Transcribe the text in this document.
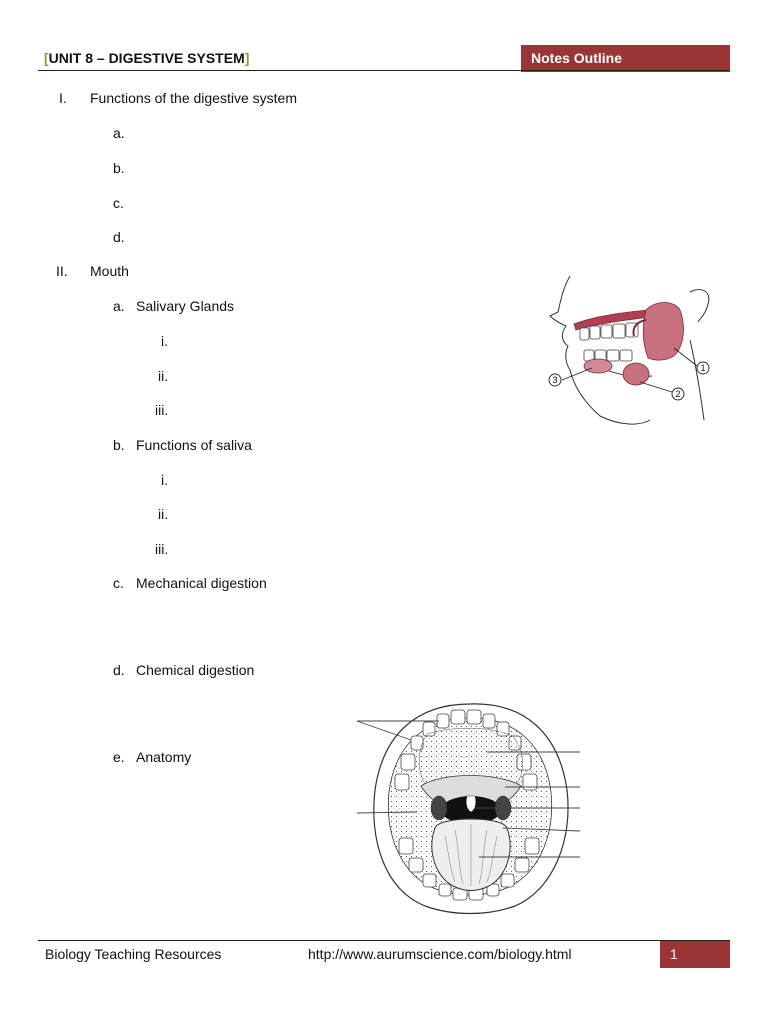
[UNIT 8 – DIGESTIVE SYSTEM]	Notes Outline
I. Functions of the digestive system
a.
b.
c.
d.
II. Mouth
a. Salivary Glands
i.
ii.
iii.
b. Functions of saliva
i.
ii.
iii.
c. Mechanical digestion
d. Chemical digestion
e. Anatomy
1
2
3
Biology Teaching Resources	http://www.aurumscience.com/biology.html	1
